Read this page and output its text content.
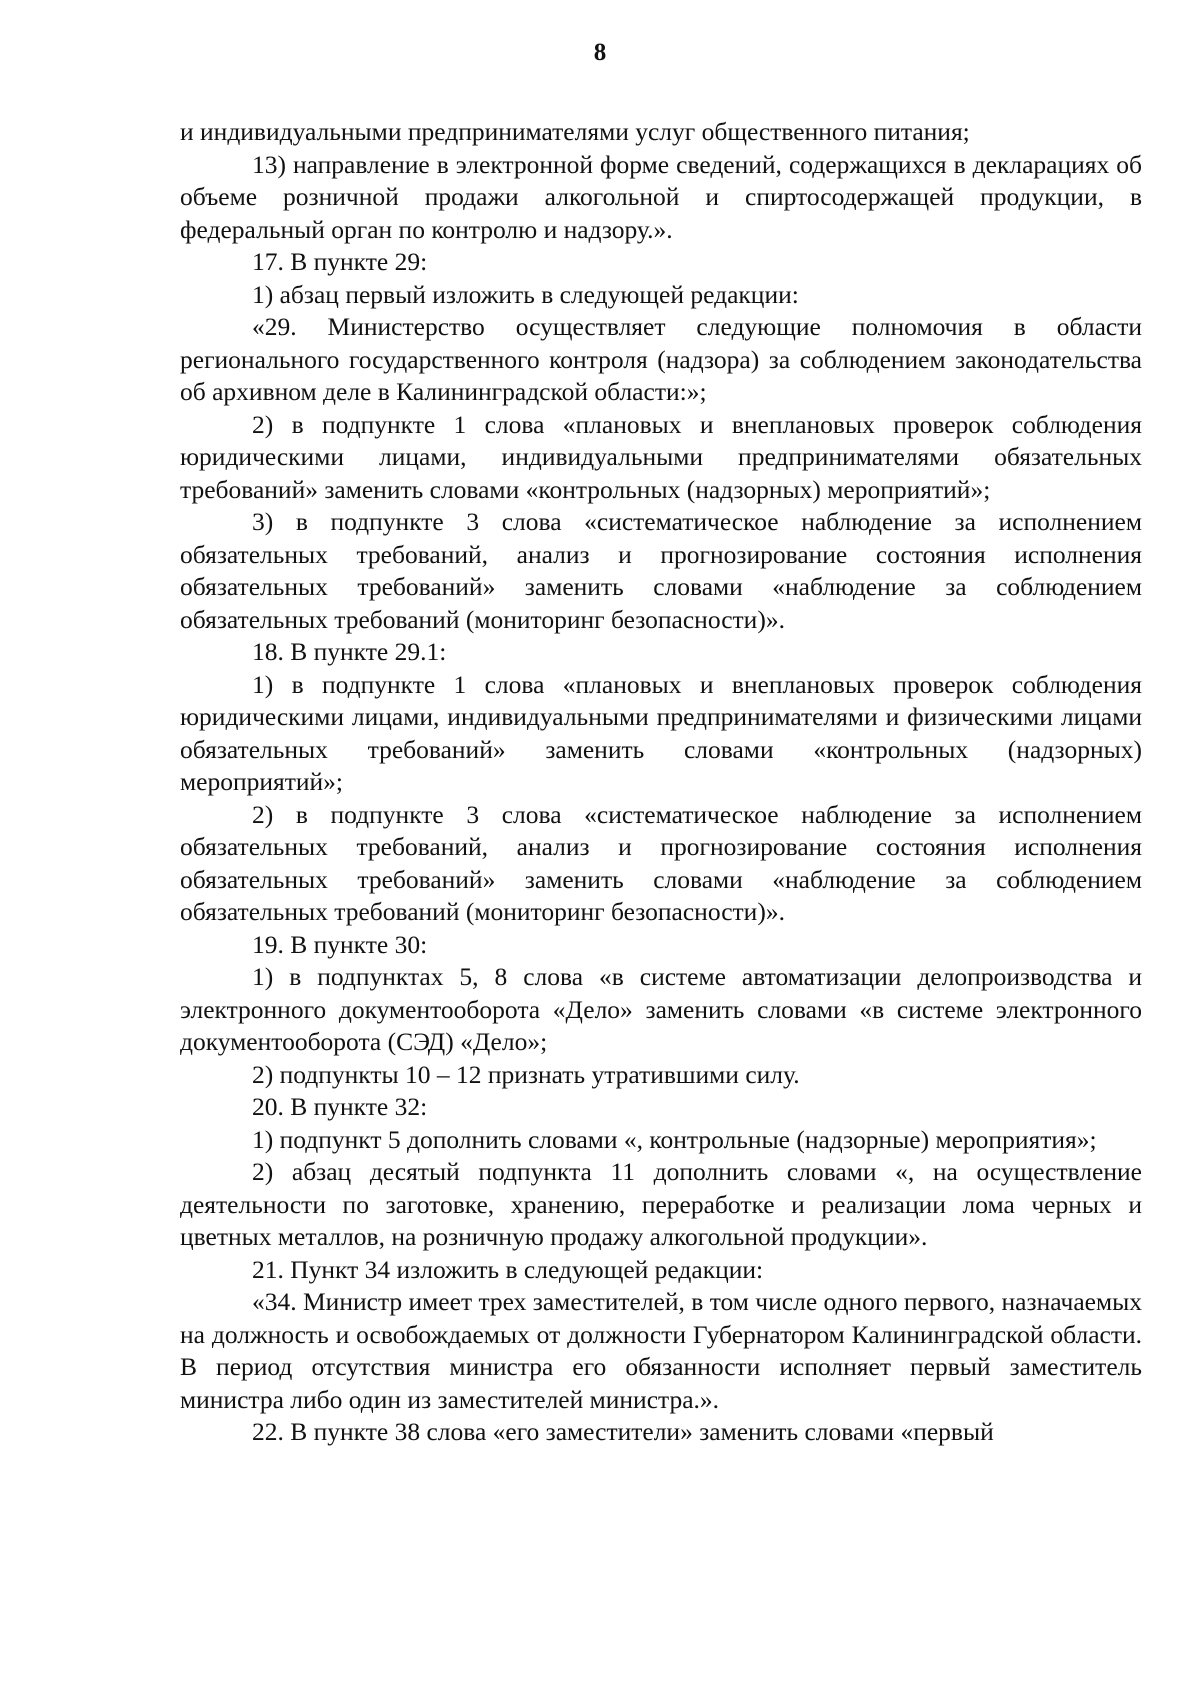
8

и индивидуальными предпринимателями услуг общественного питания;

13) направление в электронной форме сведений, содержащихся в декларациях об объеме розничной продажи алкогольной и спиртосодержащей продукции, в федеральный орган по контролю и надзору.».

17. В пункте 29:

1) абзац первый изложить в следующей редакции:

«29. Министерство осуществляет следующие полномочия в области регионального государственного контроля (надзора) за соблюдением законодательства об архивном деле в Калининградской области:»;

2) в подпункте 1 слова «плановых и внеплановых проверок соблюдения юридическими лицами, индивидуальными предпринимателями обязательных требований» заменить словами «контрольных (надзорных) мероприятий»;

3) в подпункте 3 слова «систематическое наблюдение за исполнением обязательных требований, анализ и прогнозирование состояния исполнения обязательных требований» заменить словами «наблюдение за соблюдением обязательных требований (мониторинг безопасности)».

18. В пункте 29.1:

1) в подпункте 1 слова «плановых и внеплановых проверок соблюдения юридическими лицами, индивидуальными предпринимателями и физическими лицами обязательных требований» заменить словами «контрольных (надзорных) мероприятий»;

2) в подпункте 3 слова «систематическое наблюдение за исполнением обязательных требований, анализ и прогнозирование состояния исполнения обязательных требований» заменить словами «наблюдение за соблюдением обязательных требований (мониторинг безопасности)».

19. В пункте 30:

1) в подпунктах 5, 8 слова «в системе автоматизации делопроизводства и электронного документооборота «Дело» заменить словами «в системе электронного документооборота (СЭД) «Дело»;

2) подпункты 10 – 12 признать утратившими силу.

20. В пункте 32:

1) подпункт 5 дополнить словами «, контрольные (надзорные) мероприятия»;

2) абзац десятый подпункта 11 дополнить словами «, на осуществление деятельности по заготовке, хранению, переработке и реализации лома черных и цветных металлов, на розничную продажу алкогольной продукции».

21. Пункт 34 изложить в следующей редакции:

«34. Министр имеет трех заместителей, в том числе одного первого, назначаемых на должность и освобождаемых от должности Губернатором Калининградской области. В период отсутствия министра его обязанности исполняет первый заместитель министра либо один из заместителей министра.».

22. В пункте 38 слова «его заместители» заменить словами «первый
